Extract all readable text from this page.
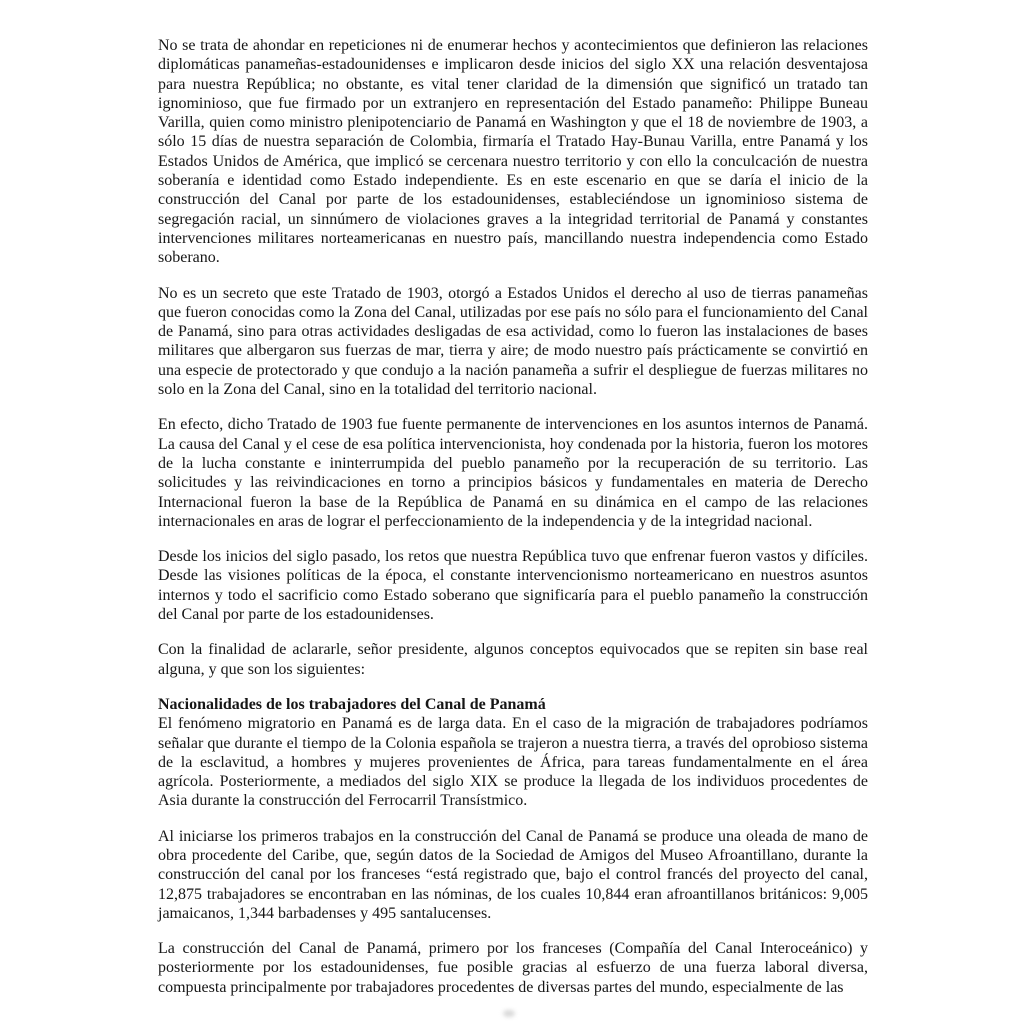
No se trata de ahondar en repeticiones ni de enumerar hechos y acontecimientos que definieron las relaciones diplomáticas panameñas-estadounidenses e implicaron desde inicios del siglo XX una relación desventajosa para nuestra República; no obstante, es vital tener claridad de la dimensión que significó un tratado tan ignominioso, que fue firmado por un extranjero en representación del Estado panameño: Philippe Buneau Varilla, quien como ministro plenipotenciario de Panamá en Washington y que el 18 de noviembre de 1903, a sólo 15 días de nuestra separación de Colombia, firmaría el Tratado Hay-Bunau Varilla, entre Panamá y los Estados Unidos de América, que implicó se cercenara nuestro territorio y con ello la conculcación de nuestra soberanía e identidad como Estado independiente. Es en este escenario en que se daría el inicio de la construcción del Canal por parte de los estadounidenses, estableciéndose un ignominioso sistema de segregación racial, un sinnúmero de violaciones graves a la integridad territorial de Panamá y constantes intervenciones militares norteamericanas en nuestro país, mancillando nuestra independencia como Estado soberano.

No es un secreto que este Tratado de 1903, otorgó a Estados Unidos el derecho al uso de tierras panameñas que fueron conocidas como la Zona del Canal, utilizadas por ese país no sólo para el funcionamiento del Canal de Panamá, sino para otras actividades desligadas de esa actividad, como lo fueron las instalaciones de bases militares que albergaron sus fuerzas de mar, tierra y aire; de modo nuestro país prácticamente se convirtió en una especie de protectorado y que condujo a la nación panameña a sufrir el despliegue de fuerzas militares no solo en la Zona del Canal, sino en la totalidad del territorio nacional.

En efecto, dicho Tratado de 1903 fue fuente permanente de intervenciones en los asuntos internos de Panamá. La causa del Canal y el cese de esa política intervencionista, hoy condenada por la historia, fueron los motores de la lucha constante e ininterrumpida del pueblo panameño por la recuperación de su territorio. Las solicitudes y las reivindicaciones en torno a principios básicos y fundamentales en materia de Derecho Internacional fueron la base de la República de Panamá en su dinámica en el campo de las relaciones internacionales en aras de lograr el perfeccionamiento de la independencia y de la integridad nacional.

Desde los inicios del siglo pasado, los retos que nuestra República tuvo que enfrenar fueron vastos y difíciles. Desde las visiones políticas de la época, el constante intervencionismo norteamericano en nuestros asuntos internos y todo el sacrificio como Estado soberano que significaría para el pueblo panameño la construcción del Canal por parte de los estadounidenses.

Con la finalidad de aclararle, señor presidente, algunos conceptos equivocados que se repiten sin base real alguna, y que son los siguientes:

Nacionalidades de los trabajadores del Canal de Panamá

El fenómeno migratorio en Panamá es de larga data. En el caso de la migración de trabajadores podríamos señalar que durante el tiempo de la Colonia española se trajeron a nuestra tierra, a través del oprobioso sistema de la esclavitud, a hombres y mujeres provenientes de África, para tareas fundamentalmente en el área agrícola. Posteriormente, a mediados del siglo XIX se produce la llegada de los individuos procedentes de Asia durante la construcción del Ferrocarril Transístmico.

Al iniciarse los primeros trabajos en la construcción del Canal de Panamá se produce una oleada de mano de obra procedente del Caribe, que, según datos de la Sociedad de Amigos del Museo Afroantillano, durante la construcción del canal por los franceses “está registrado que, bajo el control francés del proyecto del canal, 12,875 trabajadores se encontraban en las nóminas, de los cuales 10,844 eran afroantillanos británicos: 9,005 jamaicanos, 1,344 barbadenses y 495 santalucenses.

La construcción del Canal de Panamá, primero por los franceses (Compañía del Canal Interoceánico) y posteriormente por los estadounidenses, fue posible gracias al esfuerzo de una fuerza laboral diversa, compuesta principalmente por trabajadores procedentes de diversas partes del mundo, especialmente de las
